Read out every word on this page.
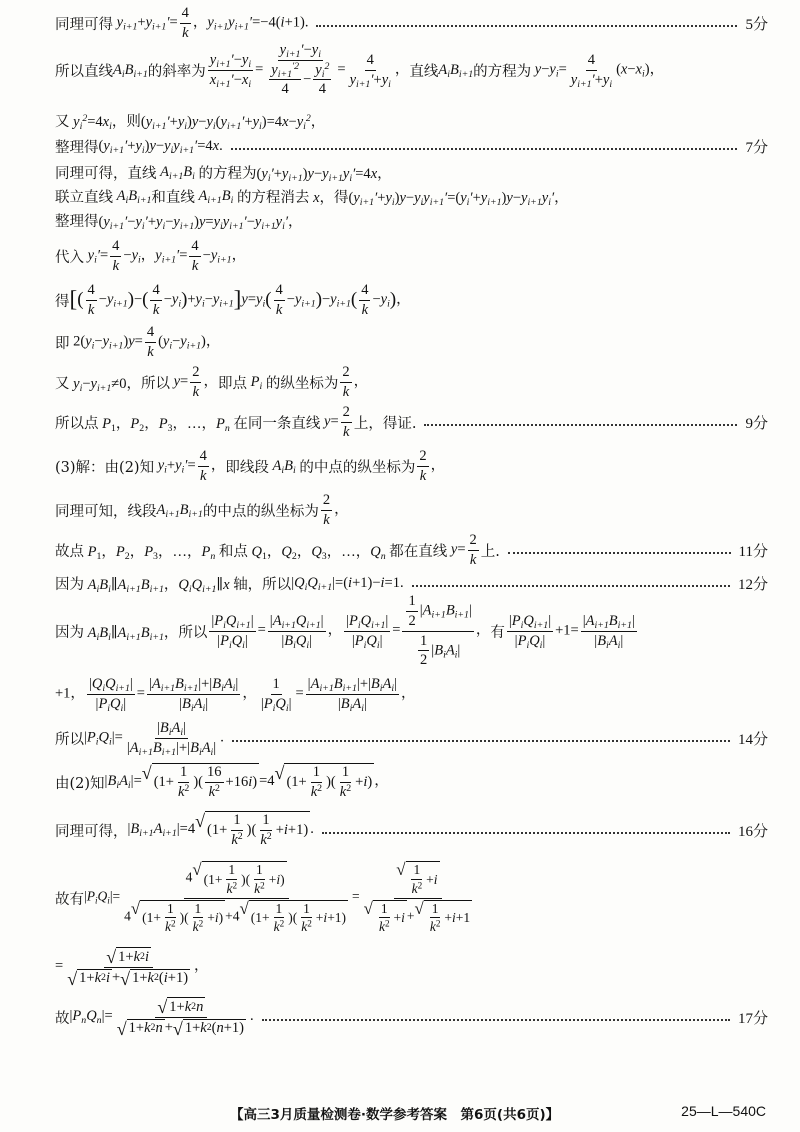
同理可得 $y_{i+1}+y_{i+1}'= \frac{4}{k}$ ，$y_{i+1}y_{i+1}'=-4(i+1)$.	5分
所以直线 $A_iB_{i+1}$ 的斜率为 $\frac{y_{i+1}'-y_i}{x_{i+1}'-x_i} = \frac{y_{i+1}'-y_i}{\frac{y_{i+1}^{'2}}{4} - \frac{y_i^2}{4}} = \frac{4}{y_{i+1}'+y_i}$ ， 直线 $A_iB_{i+1}$ 的方程为 $y-y_i= \frac{4}{y_{i+1}'+y_i} (x-x_i)$，
又 $y_i^2=4x_i$， 则 $(y_{i+1}'+y_i)y-y_i(y_{i+1}'+y_i)=4x-y_i^2$，
整理得 $(y_{i+1}'+y_i)y-y_iy_{i+1}'=4x$.	7分
同理可得，直线 $A_{i+1}B_i$ 的方程为 $(y_i'+y_{i+1})y-y_{i+1}y_i'=4x$，
联立直线 $A_iB_{i+1}$ 和直线 $A_{i+1}B_i$ 的方程消去 x， 得 $(y_{i+1}'+y_i)y-y_iy_{i+1}'=(y_i'+y_{i+1})y-y_{i+1}y_i'$，
整理得 $(y_{i+1}'-y_i'+y_i-y_{i+1})y=y_iy_{i+1}'-y_{i+1}y_i'$，
代入 $y_i'= \frac{4}{k} -y_i$，$y_{i+1}'= \frac{4}{k} -y_{i+1}$，
得 [( $\frac{4}{k} -y_{i+1})-( \frac{4}{k} -y_i)+y_i-y_{i+1}]y=y_i( \frac{4}{k} -y_{i+1})-y_{i+1}( \frac{4}{k} -y_i)$，
即 $2(y_i-y_{i+1})y= \frac{4}{k} (y_i-y_{i+1})$，
又 $y_i-y_{i+1}\ne 0$， 所以 $y= \frac{2}{k}$ ， 即点 $P_i$ 的纵坐标为 $\frac{2}{k}$ ，
所以点 $P_1$，$P_2$，$P_3$，…，$P_n$ 在同一条直线 $y= \frac{2}{k}$ 上，得证.	9分
(3)解：由(2)知 $y_i+y_i'= \frac{4}{k}$ ， 即线段 $A_iB_i$ 的中点的纵坐标为 $\frac{2}{k}$ ，
同理可知，线段 $A_{i+1}B_{i+1}$ 的中点的纵坐标为 $\frac{2}{k}$ ，
故点 $P_1$，$P_2$，$P_3$，…，$P_n$ 和点 $Q_1$，$Q_2$，$Q_3$，…，$Q_n$ 都在直线 $y= \frac{2}{k}$ 上.	11分
因为 $A_iB_i\parallel A_{i+1}B_{i+1}$，$Q_iQ_{i+1}\parallel x$ 轴，所以 $|Q_iQ_{i+1}|=(i+1)-i=1$.	12分
因为 $A_iB_i\parallel A_{i+1}B_{i+1}$， 所以 $\frac{|P_iQ_{i+1}|}{|P_iQ_i|} = \frac{|A_{i+1}Q_{i+1}|}{|B_iQ_i|}$ ， $\frac{|P_iQ_{i+1}|}{|P_iQ_i|} = \frac{\frac{1}{2} |A_{i+1}B_{i+1}|}{\frac{1}{2} |B_iA_i|}$ ， 有 $\frac{|P_iQ_{i+1}|}{|P_iQ_i|} +1= \frac{|A_{i+1}B_{i+1}|}{|B_iA_i|}$
+1， $\frac{|Q_iQ_{i+1}|}{|P_iQ_i|} = \frac{|A_{i+1}B_{i+1}|+|B_iA_i|}{|B_iA_i|}$ ， $\frac{1}{|P_iQ_i|} = \frac{|A_{i+1}B_{i+1}|+|B_iA_i|}{|B_iA_i|}$ ，
所以 $|P_iQ_i|= \frac{|B_iA_i|}{|A_{i+1}B_{i+1}|+|B_iA_i|}$ .	14分
由(2)知 $|B_iA_i|=$ √ ($1+ \frac{1}{k^2}$ )( $\frac{16}{k^2} +16$ i ) =4 √ ($1+ \frac{1}{k^2}$ )( $\frac{1}{k^2} + i$ ) ，
同理可得， $|B_{i+1}A_{i+1}|=4$ √ ($1+ \frac{1}{k^2}$ )( $\frac{1}{k^2} + i +1$) .	16分
故有 $|P_iQ_i|= \frac{4 √ (1+ \frac{1}{k^2} )( \frac{1}{k^2} + i )}{4 √ (1+ \frac{1}{k^2} )( \frac{1}{k^2} + i ) +4 √ (1+ \frac{1}{k^2} )( \frac{1}{k^2} + i +1)} = \frac{√ \frac{1}{k^2} + i}{√ \frac{1}{k^2} + i + √ \frac{1}{k^2} + i +1}$
= $\frac{√ 1+ k 2 i}{√ 1+ k 2 i + √ 1+ k 2 ( i +1)}$ ，
故 $|P_nQ_n|= \frac{√ 1+ k 2 n}{√ 1+ k 2 n + √ 1+ k 2 ( n +1)}$ .	17分
【高三3月质量检测卷·数学参考答案　第6页(共6页)】	25—L—540C
